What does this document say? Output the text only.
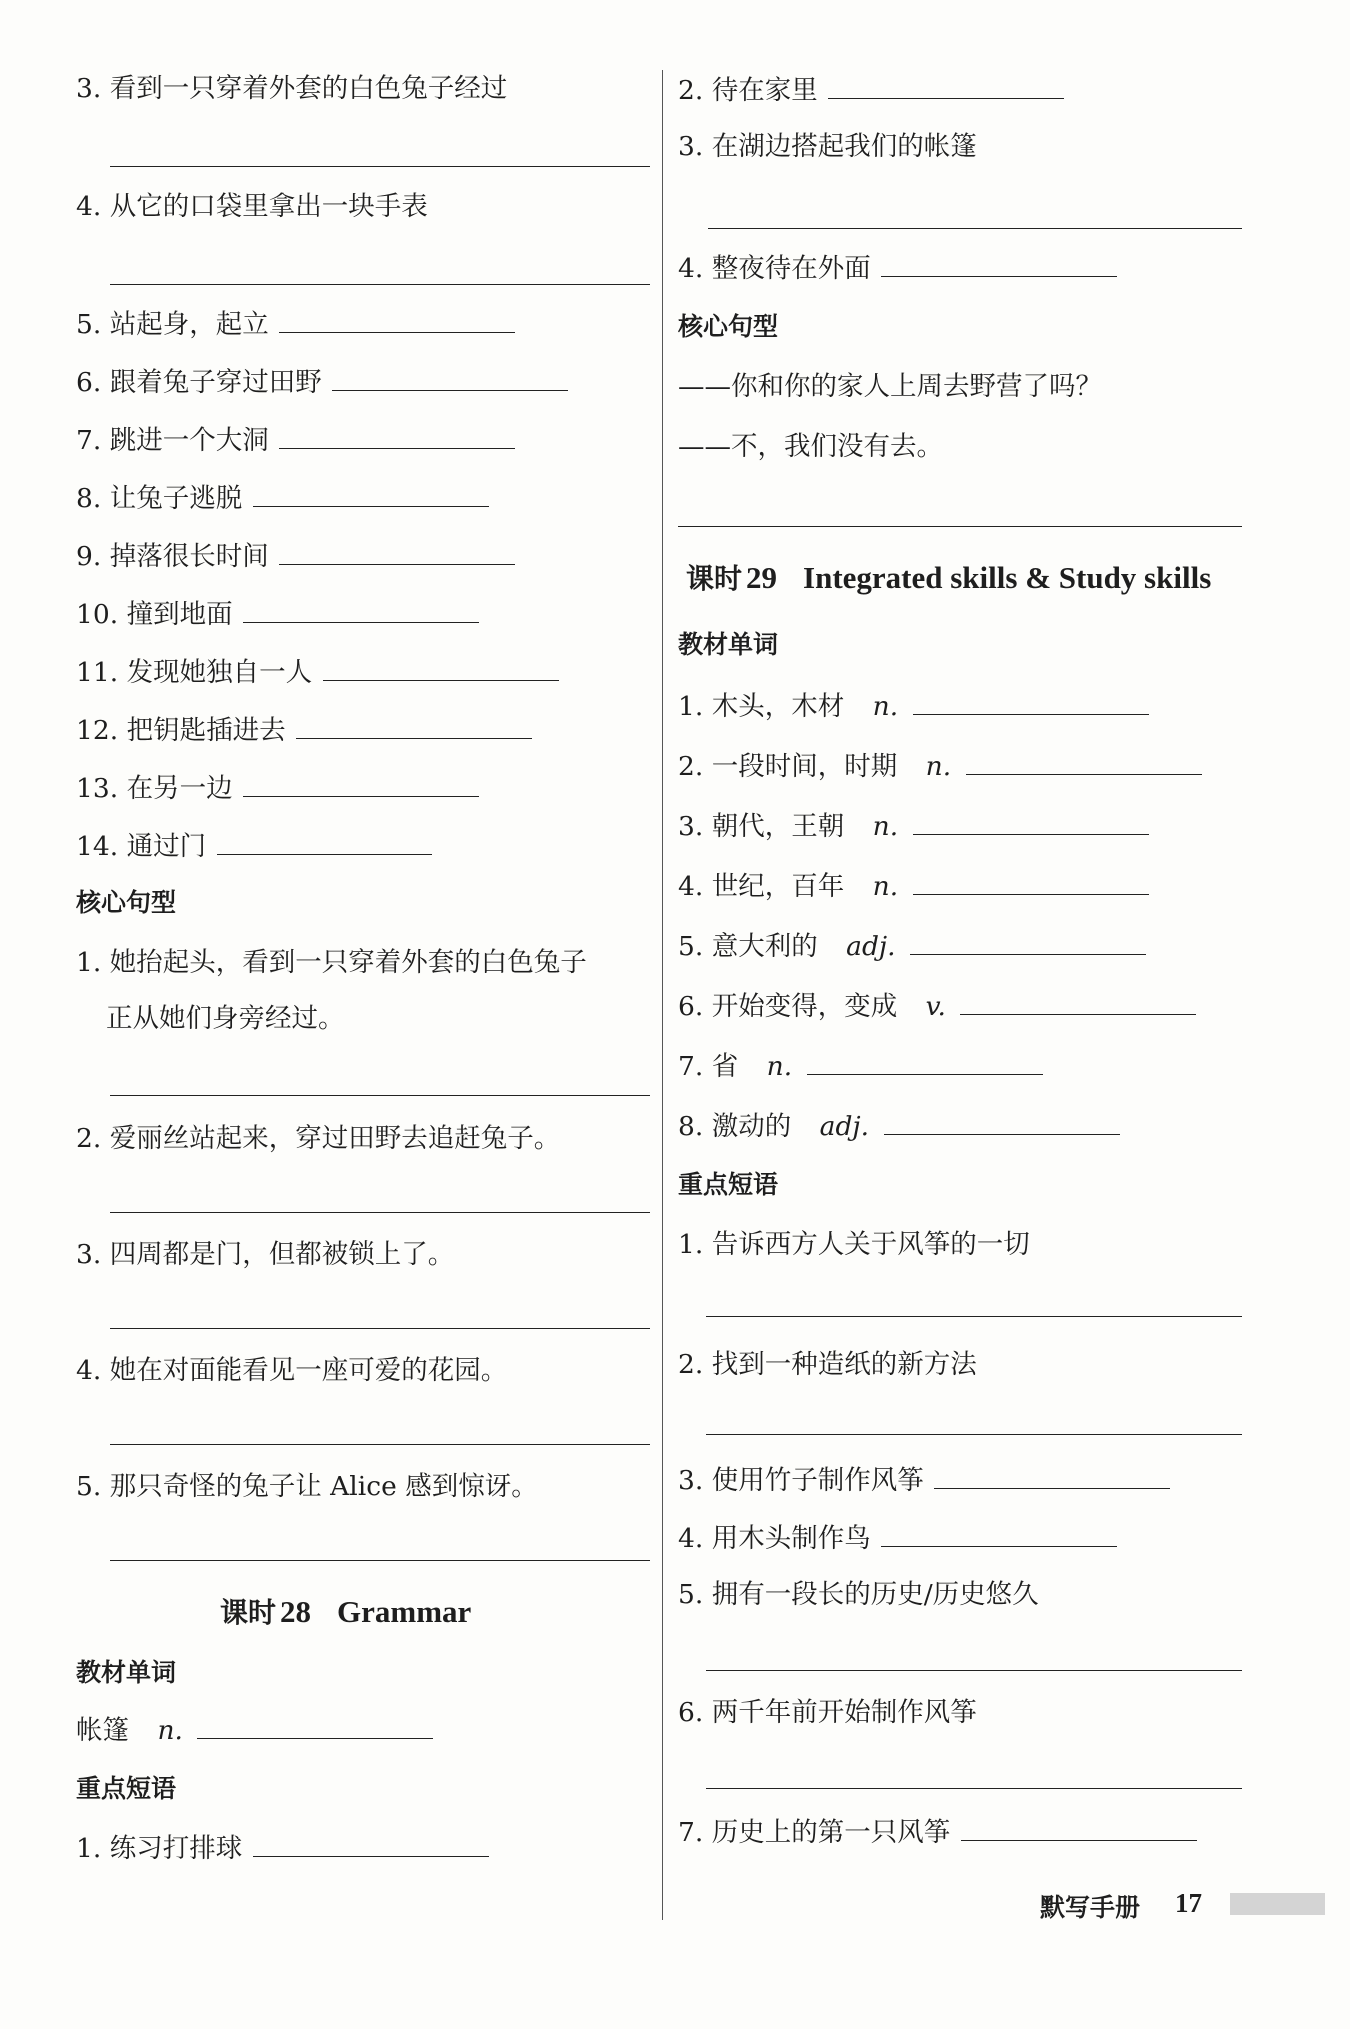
3. 看到一只穿着外套的白色兔子经过
4. 从它的口袋里拿出一块手表
5. 站起身，起立
6. 跟着兔子穿过田野
7. 跳进一个大洞
8. 让兔子逃脱
9. 掉落很长时间
10. 撞到地面
11. 发现她独自一人
12. 把钥匙插进去
13. 在另一边
14. 通过门
核心句型
1. 她抬起头，看到一只穿着外套的白色兔子
正从她们身旁经过。
2. 爱丽丝站起来，穿过田野去追赶兔子。
3. 四周都是门，但都被锁上了。
4. 她在对面能看见一座可爱的花园。
5. 那只奇怪的兔子让 Alice 感到惊讶。
课时 28 Grammar
教材单词
帐篷 n.
重点短语
1. 练习打排球
2. 待在家里
3. 在湖边搭起我们的帐篷
4. 整夜待在外面
核心句型
——你和你的家人上周去野营了吗？
——不，我们没有去。
课时 29 Integrated skills & Study skills
教材单词
1. 木头，木材 n.
2. 一段时间，时期 n.
3. 朝代，王朝 n.
4. 世纪，百年 n.
5. 意大利的 adj.
6. 开始变得，变成 v.
7. 省 n.
8. 激动的 adj.
重点短语
1. 告诉西方人关于风筝的一切
2. 找到一种造纸的新方法
3. 使用竹子制作风筝
4. 用木头制作鸟
5. 拥有一段长的历史/历史悠久
6. 两千年前开始制作风筝
7. 历史上的第一只风筝
默写手册 17
